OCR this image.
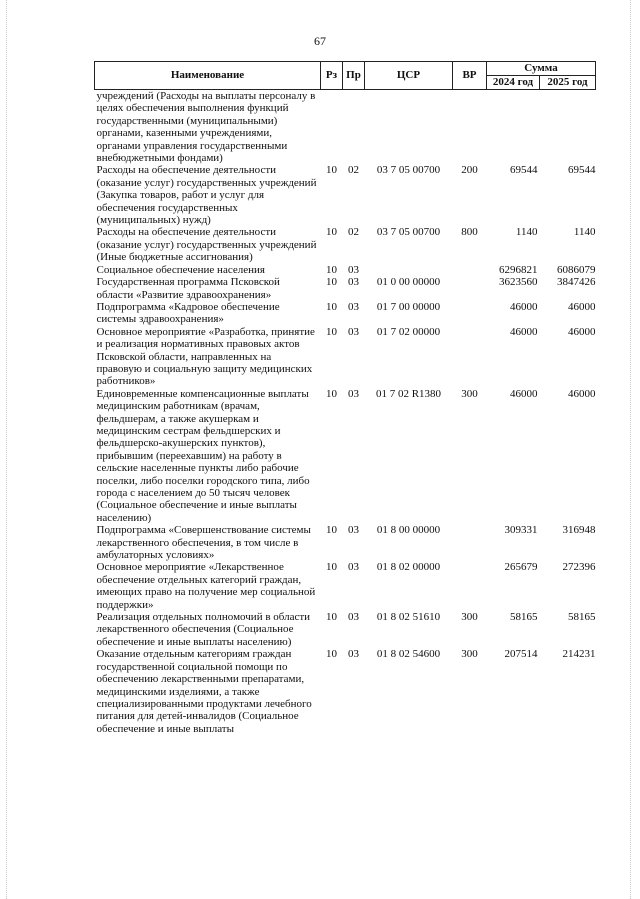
67
Наименование	Рз	Пр	ЦСР	ВР	Сумма	
					2024 год	2025 год
учреждений (Расходы на выплаты персоналу в целях обеспечения выполнения функций государственными (муниципальными) органами, казенными учреждениями, органами управления государственными внебюджетными фондами)						
Расходы на обеспечение деятельности (оказание услуг) государственных учреждений (Закупка товаров, работ и услуг для обеспечения государственных (муниципальных) нужд)	10	02	03 7 05 00700	200	69544	69544
Расходы на обеспечение деятельности (оказание услуг) государственных учреждений (Иные бюджетные ассигнования)	10	02	03 7 05 00700	800	1140	1140
Социальное обеспечение населения	10	03			6296821	6086079
Государственная программа Псковской области «Развитие здравоохранения»	10	03	01 0 00 00000		3623560	3847426
Подпрограмма «Кадровое обеспечение системы здравоохранения»	10	03	01 7 00 00000		46000	46000
Основное мероприятие «Разработка, принятие и реализация нормативных правовых актов Псковской области, направленных на правовую и социальную защиту медицинских работников»	10	03	01 7 02 00000		46000	46000
Единовременные компенсационные выплаты медицинским работникам (врачам, фельдшерам, а также акушеркам и медицинским сестрам фельдшерских и фельдшерско-акушерских пунктов), прибывшим (переехавшим) на работу в сельские населенные пункты либо рабочие поселки, либо поселки городского типа, либо города с населением до 50 тысяч человек (Социальное обеспечение и иные выплаты населению)	10	03	01 7 02 R1380	300	46000	46000
Подпрограмма «Совершенствование системы лекарственного обеспечения, в том числе в амбулаторных условиях»	10	03	01 8 00 00000		309331	316948
Основное мероприятие «Лекарственное обеспечение отдельных категорий граждан, имеющих право на получение мер социальной поддержки»	10	03	01 8 02 00000		265679	272396
Реализация отдельных полномочий в области лекарственного обеспечения (Социальное обеспечение и иные выплаты населению)	10	03	01 8 02 51610	300	58165	58165
Оказание отдельным категориям граждан государственной социальной помощи по обеспечению лекарственными препаратами, медицинскими изделиями, а также специализированными продуктами лечебного питания для детей-инвалидов (Социальное обеспечение и иные выплаты	10	03	01 8 02 54600	300	207514	214231
